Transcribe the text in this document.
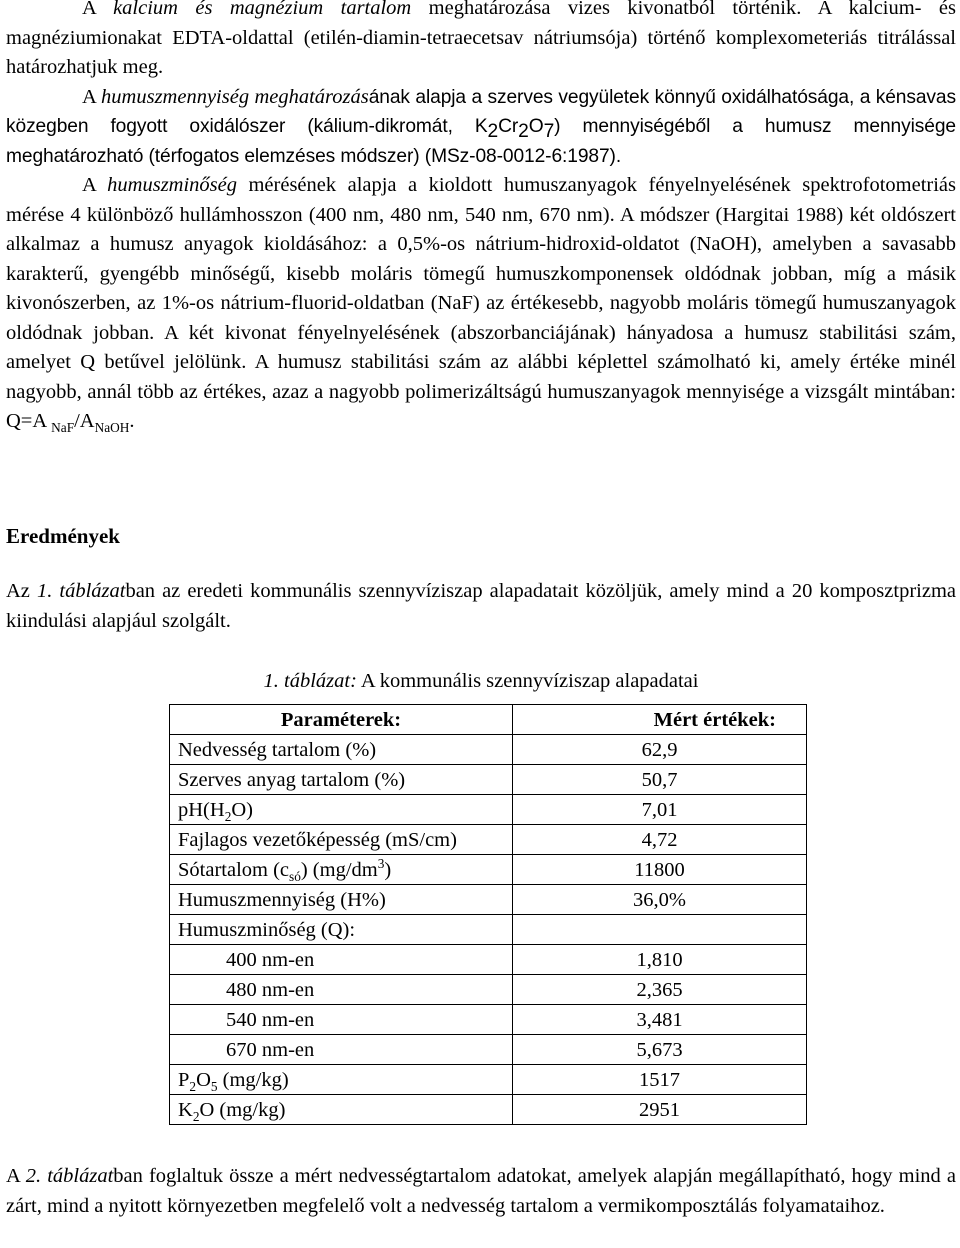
A kalcium és magnézium tartalom meghatározása vizes kivonatból történik. A kalcium- és magnéziumionakat EDTA-oldattal (etilén-diamin-tetraecetsav nátriumsója) történő komplexometeriás titrálással határozhatjuk meg.

A humuszmennyiség meghatározásának alapja a szerves vegyületek könnyű oxidálhatósága, a kénsavas közegben fogyott oxidálószer (kálium-dikromát, $K_2Cr_2O_7$) mennyiségéből a humusz mennyisége meghatározható (térfogatos elemzéses módszer) (MSz-08-0012-6:1987).

A humuszminőség mérésének alapja a kioldott humuszanyagok fényelnyelésének spektrofotometriás mérése 4 különböző hullámhosszon (400 nm, 480 nm, 540 nm, 670 nm). A módszer (Hargitai 1988) két oldószert alkalmaz a humusz anyagok kioldásához: a 0,5%-os nátrium-hidroxid-oldatot (NaOH), amelyben a savasabb karakterű, gyengébb minőségű, kisebb moláris tömegű humuszkomponensek oldódnak jobban, míg a másik kivonószerben, az 1%-os nátrium-fluorid-oldatban (NaF) az értékesebb, nagyobb moláris tömegű humuszanyagok oldódnak jobban. A két kivonat fényelnyelésének (abszorbanciájának) hányadosa a humusz stabilitási szám, amelyet Q betűvel jelölünk. A humusz stabilitási szám az alábbi képlettel számolható ki, amely értéke minél nagyobb, annál több az értékes, azaz a nagyobb polimerizáltságú humuszanyagok mennyisége a vizsgált mintában: Q=A $_{NaF}/A_{NaOH}$.

Eredmények

Az 1. táblázatban az eredeti kommunális szennyvíziszap alapadatait közöljük, amely mind a 20 komposztprizma kiindulási alapjául szolgált.

1. táblázat: A kommunális szennyvíziszap alapadatai
Paraméterek:	Mért értékek:
Nedvesség tartalom (%)	62,9
Szerves anyag tartalom (%)	50,7
$pH(H_2O)$	7,01
Fajlagos vezetőképesség (mS/cm)	4,72
Sótartalom $(c_{só})$ $(mg/dm^3)$	11800
Humuszmennyiség (H%)	36,0%
Humuszminőség (Q):	
400 nm-en	1,810
480 nm-en	2,365
540 nm-en	3,481
670 nm-en	5,673
$P_2O_5$ (mg/kg)	1517
$K_2O$ (mg/kg)	2951

A 2. táblázatban foglaltuk össze a mért nedvességtartalom adatokat, amelyek alapján megállapítható, hogy mind a zárt, mind a nyitott környezetben megfelelő volt a nedvesség tartalom a vermikomposztálás folyamataihoz.
